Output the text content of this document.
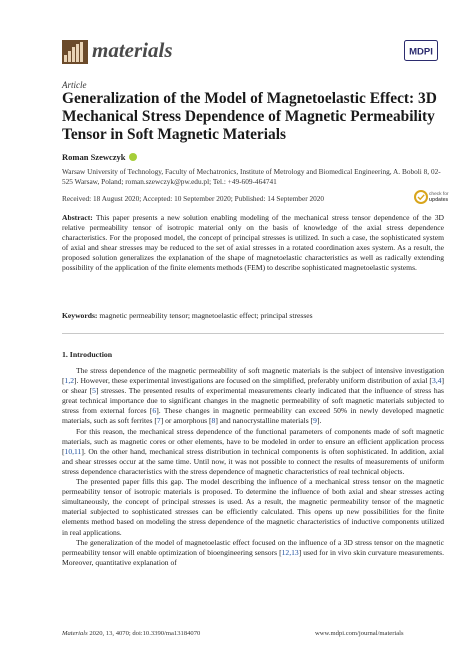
materials	MDPI
Article
Generalization of the Model of Magnetoelastic Effect: 3D Mechanical Stress Dependence of Magnetic Permeability Tensor in Soft Magnetic Materials
Roman Szewczyk
Warsaw University of Technology, Faculty of Mechatronics, Institute of Metrology and Biomedical Engineering, A. Boboli 8, 02-525 Warsaw, Poland; roman.szewczyk@pw.edu.pl; Tel.: +49-609-464741
Received: 18 August 2020; Accepted: 10 September 2020; Published: 14 September 2020	check for
updates
Abstract: This paper presents a new solution enabling modeling of the mechanical stress tensor dependence of the 3D relative permeability tensor of isotropic material only on the basis of knowledge of the axial stress dependence characteristics. For the proposed model, the concept of principal stresses is utilized. In such a case, the sophisticated system of axial and shear stresses may be reduced to the set of axial stresses in a rotated coordination axes system. As a result, the proposed solution generalizes the explanation of the shape of magnetoelastic characteristics as well as radically extending possibility of the application of the finite elements methods (FEM) to describe sophisticated magnetoelastic systems.
Keywords: magnetic permeability tensor; magnetoelastic effect; principal stresses
1. Introduction

The stress dependence of the magnetic permeability of soft magnetic materials is the subject of intensive investigation [1,2]. However, these experimental investigations are focused on the simplified, preferably uniform distribution of axial [3,4] or shear [5] stresses. The presented results of experimental measurements clearly indicated that the influence of stress has great technical importance due to significant changes in the magnetic permeability of soft magnetic materials subjected to stress from external forces [6]. These changes in magnetic permeability can exceed 50% in newly developed magnetic materials, such as soft ferrites [7] or amorphous [8] and nanocrystalline materials [9].

For this reason, the mechanical stress dependence of the functional parameters of components made of soft magnetic materials, such as magnetic cores or other elements, have to be modeled in order to ensure an efficient application process [10,11]. On the other hand, mechanical stress distribution in technical components is often sophisticated. In addition, axial and shear stresses occur at the same time. Until now, it was not possible to connect the results of measurements of uniform stress dependence characteristics with the stress dependence of magnetic characteristics of real technical objects.

The presented paper fills this gap. The model describing the influence of a mechanical stress tensor on the magnetic permeability tensor of isotropic materials is proposed. To determine the influence of both axial and shear stresses acting simultaneously, the concept of principal stresses is used. As a result, the magnetic permeability tensor of the magnetic material subjected to sophisticated stresses can be efficiently calculated. This opens up new possibilities for the finite elements method based on modeling the stress dependence of the magnetic characteristics of inductive components utilized in real applications.

The generalization of the model of magnetoelastic effect focused on the influence of a 3D stress tensor on the magnetic permeability tensor will enable optimization of bioengineering sensors [12,13] used for in vivo skin curvature measurements. Moreover, quantitative explanation of

Materials 2020, 13, 4070; doi:10.3390/ma13184070	www.mdpi.com/journal/materials
